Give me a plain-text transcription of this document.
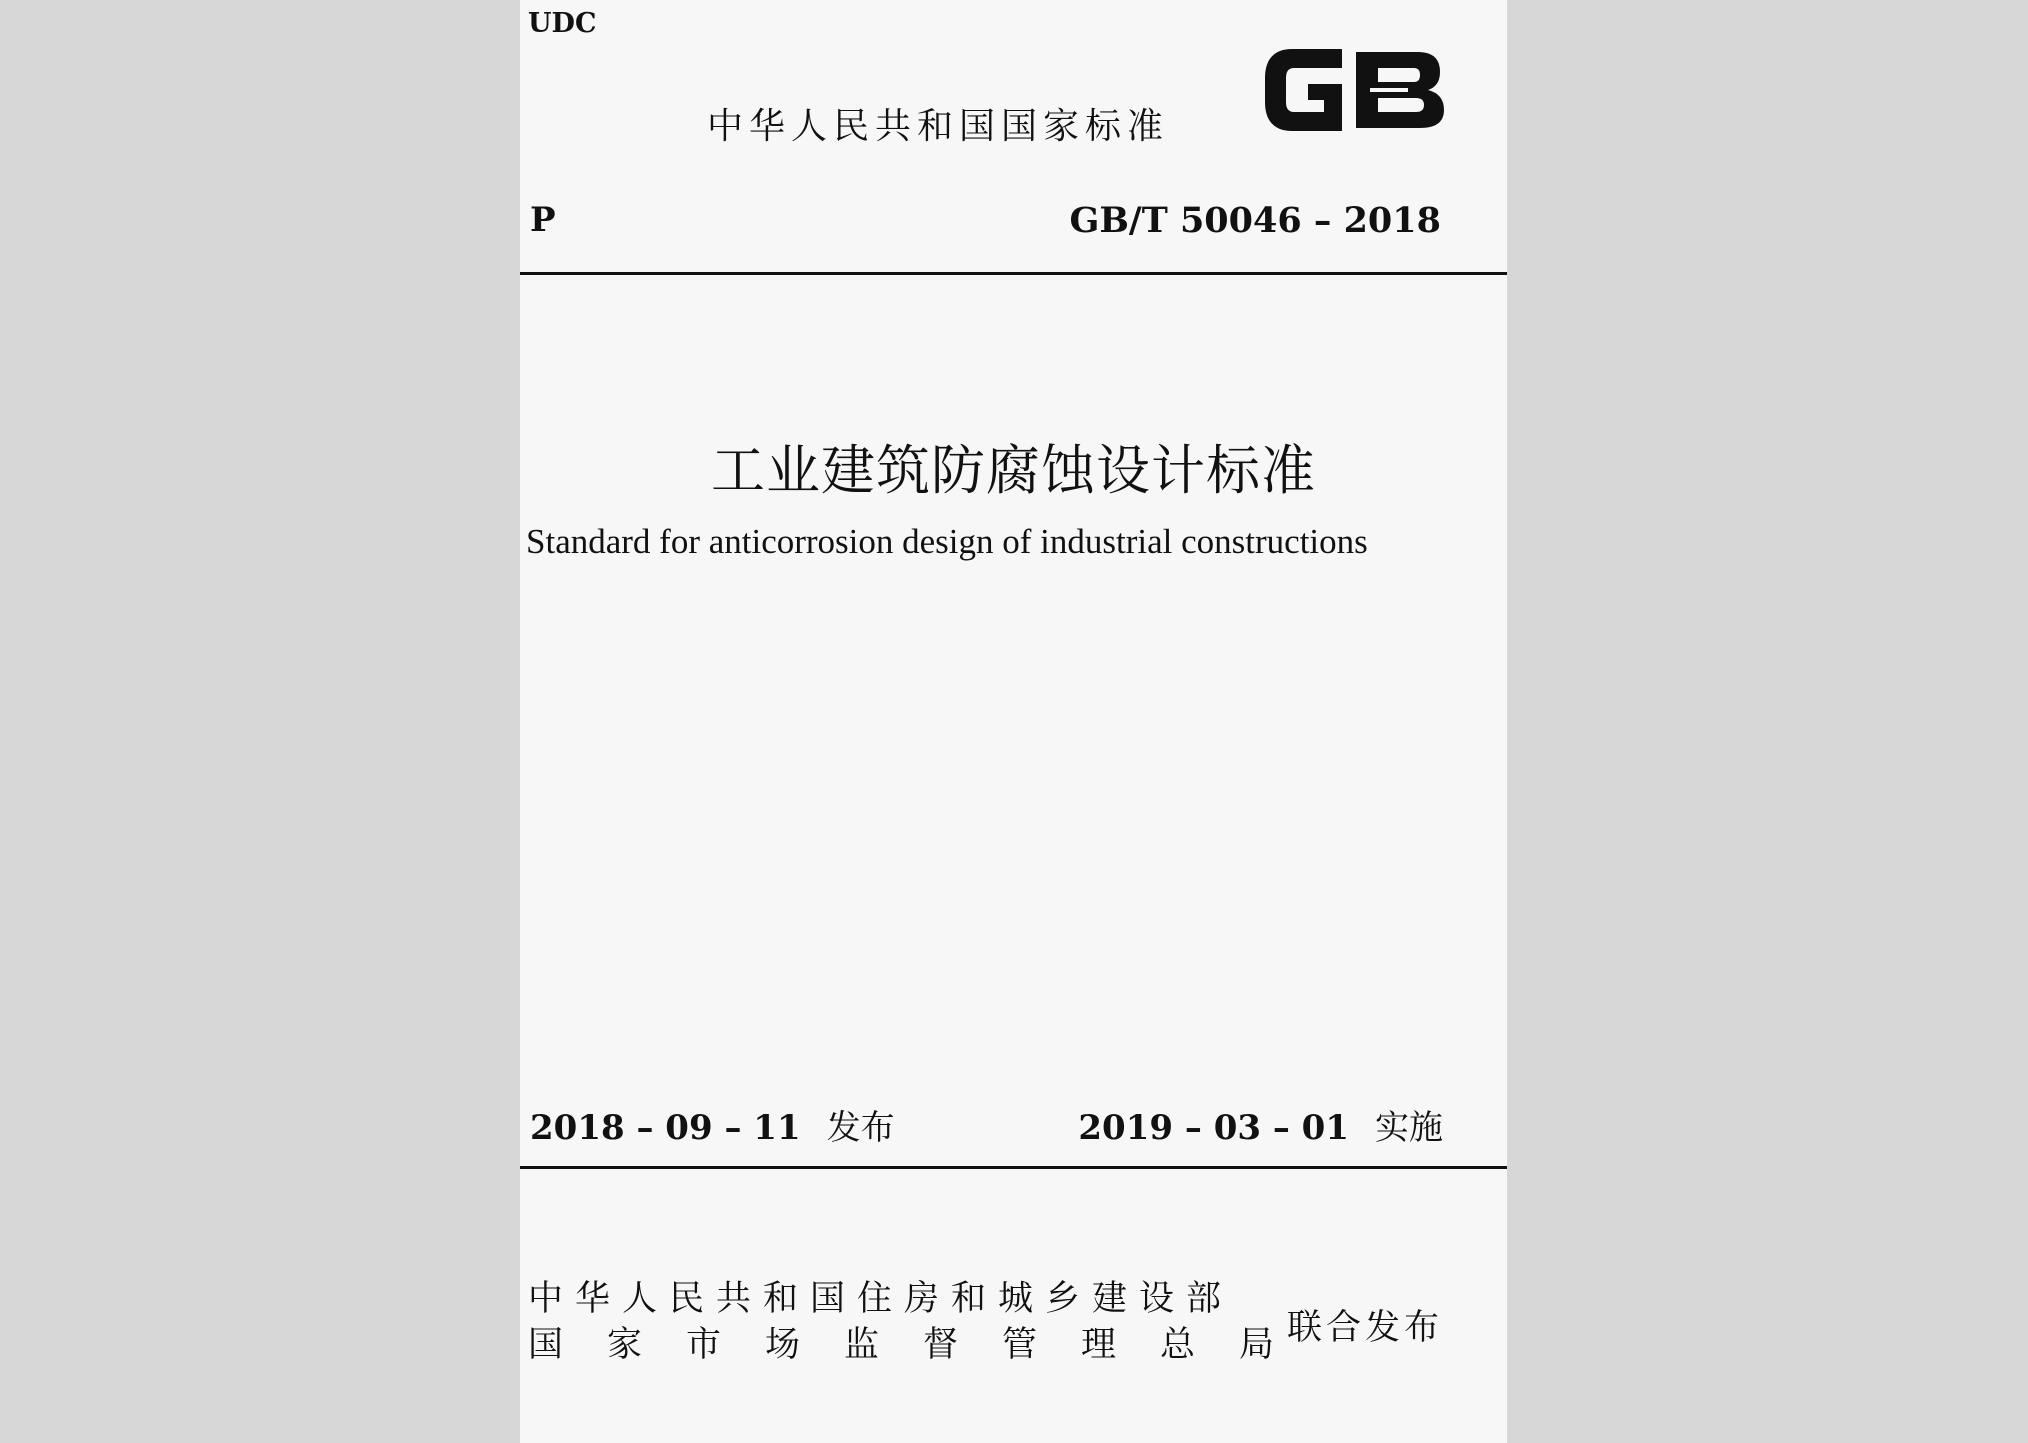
UDC
中华人民共和国国家标准
P	GB/T 50046 – 2018
工业建筑防腐蚀设计标准
Standard for anticorrosion design of industrial constructions
2018 – 09 – 11 发布	2019 – 03 – 01 实施
中华人民共和国住房和城乡建设部
国家市场监督管理总局
联合发布
